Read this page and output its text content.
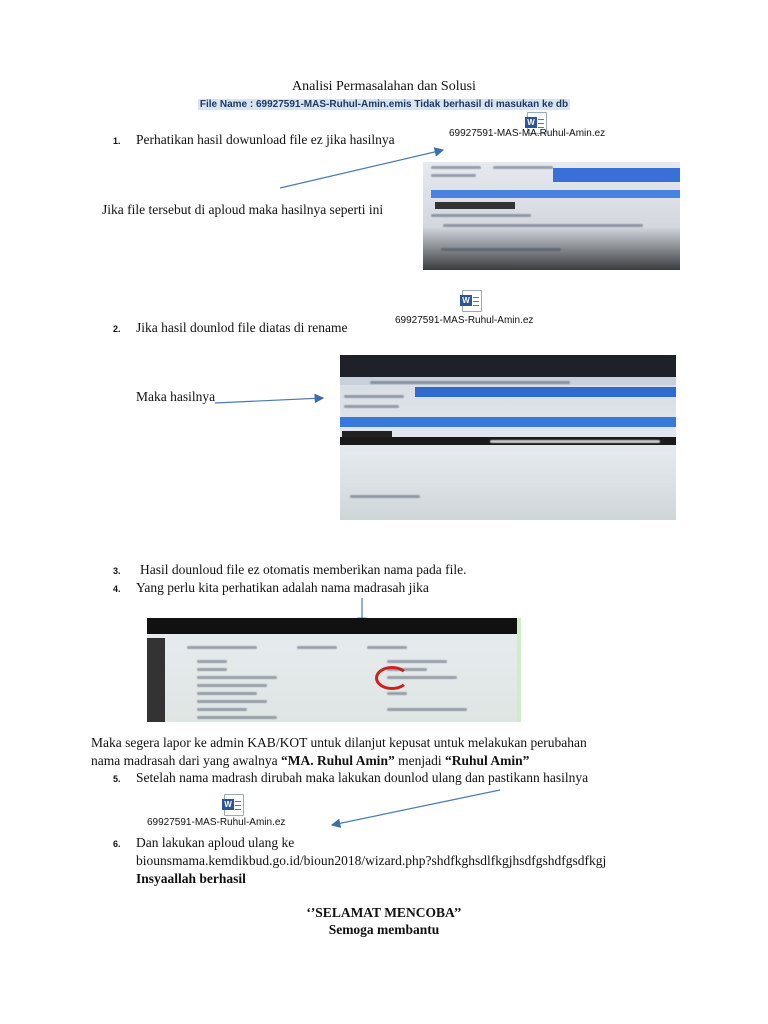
Analisi Permasalahan dan Solusi
File Name : 69927591-MAS-Ruhul-Amin.emis Tidak berhasil di masukan ke db
W
69927591-MAS-MA.Ruhul-Amin.ez
1. Perhatikan hasil dowunload file ez jika hasilnya
Jika file tersebut di aploud maka hasilnya seperti ini
W
69927591-MAS-Ruhul-Amin.ez
2. Jika hasil dounlod file diatas di rename
Maka hasilnya
3. Hasil dounloud file ez otomatis memberikan nama pada file.
4. Yang perlu kita perhatikan adalah nama madrasah jika
Maka segera lapor ke admin KAB/KOT untuk dilanjut kepusat untuk melakukan perubahan
nama madrasah dari yang awalnya “MA. Ruhul Amin” menjadi “Ruhul Amin”
5. Setelah nama madrash dirubah maka lakukan dounlod ulang dan pastikann hasilnya
W
69927591-MAS-Ruhul-Amin.ez
6. Dan lakukan aploud ulang ke
biounsmama.kemdikbud.go.id/bioun2018/wizard.php?shdfkghsdlfkgjhsdfgshdfgsdfkgj
Insyaallah berhasil
‘’SELAMAT MENCOBA’’
Semoga membantu
